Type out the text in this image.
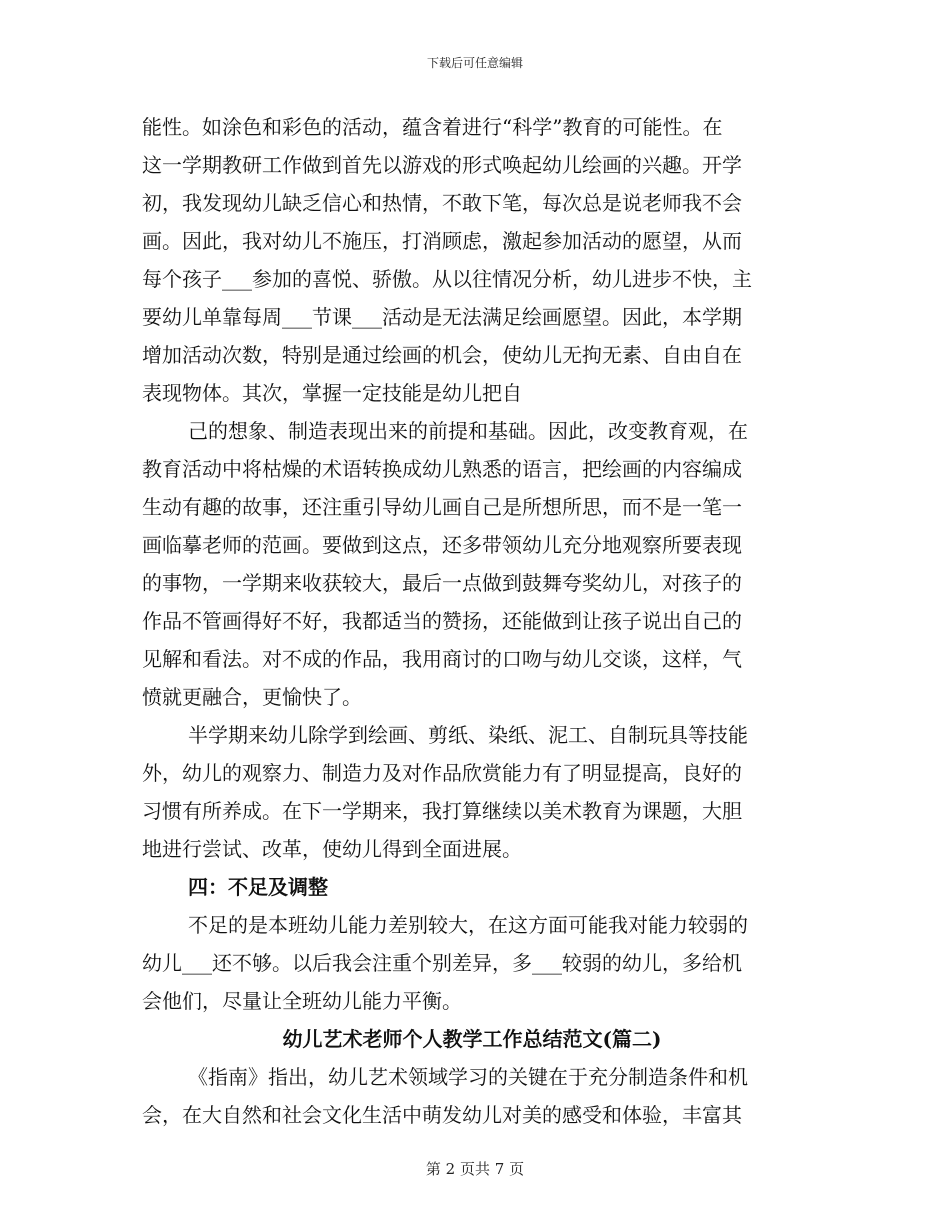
下载后可任意编辑
能性。如涂色和彩色的活动，蕴含着进行“科学”教育的可能性。在
这一学期教研工作做到首先以游戏的形式唤起幼儿绘画的兴趣。开学
初，我发现幼儿缺乏信心和热情，不敢下笔，每次总是说老师我不会
画。因此，我对幼儿不施压，打消顾虑，激起参加活动的愿望，从而
每个孩子___参加的喜悦、骄傲。从以往情况分析，幼儿进步不快，主
要幼儿单靠每周___节课___活动是无法满足绘画愿望。因此，本学期
增加活动次数，特别是通过绘画的机会，使幼儿无拘无素、自由自在
表现物体。其次，掌握一定技能是幼儿把自
己的想象、制造表现出来的前提和基础。因此，改变教育观，在
教育活动中将枯燥的术语转换成幼儿熟悉的语言，把绘画的内容编成
生动有趣的故事，还注重引导幼儿画自己是所想所思，而不是一笔一
画临摹老师的范画。要做到这点，还多带领幼儿充分地观察所要表现
的事物，一学期来收获较大，最后一点做到鼓舞夸奖幼儿，对孩子的
作品不管画得好不好，我都适当的赞扬，还能做到让孩子说出自己的
见解和看法。对不成的作品，我用商讨的口吻与幼儿交谈，这样，气
愤就更融合，更愉快了。
半学期来幼儿除学到绘画、剪纸、染纸、泥工、自制玩具等技能
外，幼儿的观察力、制造力及对作品欣赏能力有了明显提高，良好的
习惯有所养成。在下一学期来，我打算继续以美术教育为课题，大胆
地进行尝试、改革，使幼儿得到全面进展。
四：不足及调整
不足的是本班幼儿能力差别较大，在这方面可能我对能力较弱的
幼儿___还不够。以后我会注重个别差异，多___较弱的幼儿，多给机
会他们，尽量让全班幼儿能力平衡。
幼儿艺术老师个人教学工作总结范文(篇二)
《指南》指出，幼儿艺术领域学习的关键在于充分制造条件和机
会，在大自然和社会文化生活中萌发幼儿对美的感受和体验，丰富其
第 2 页共 7 页
